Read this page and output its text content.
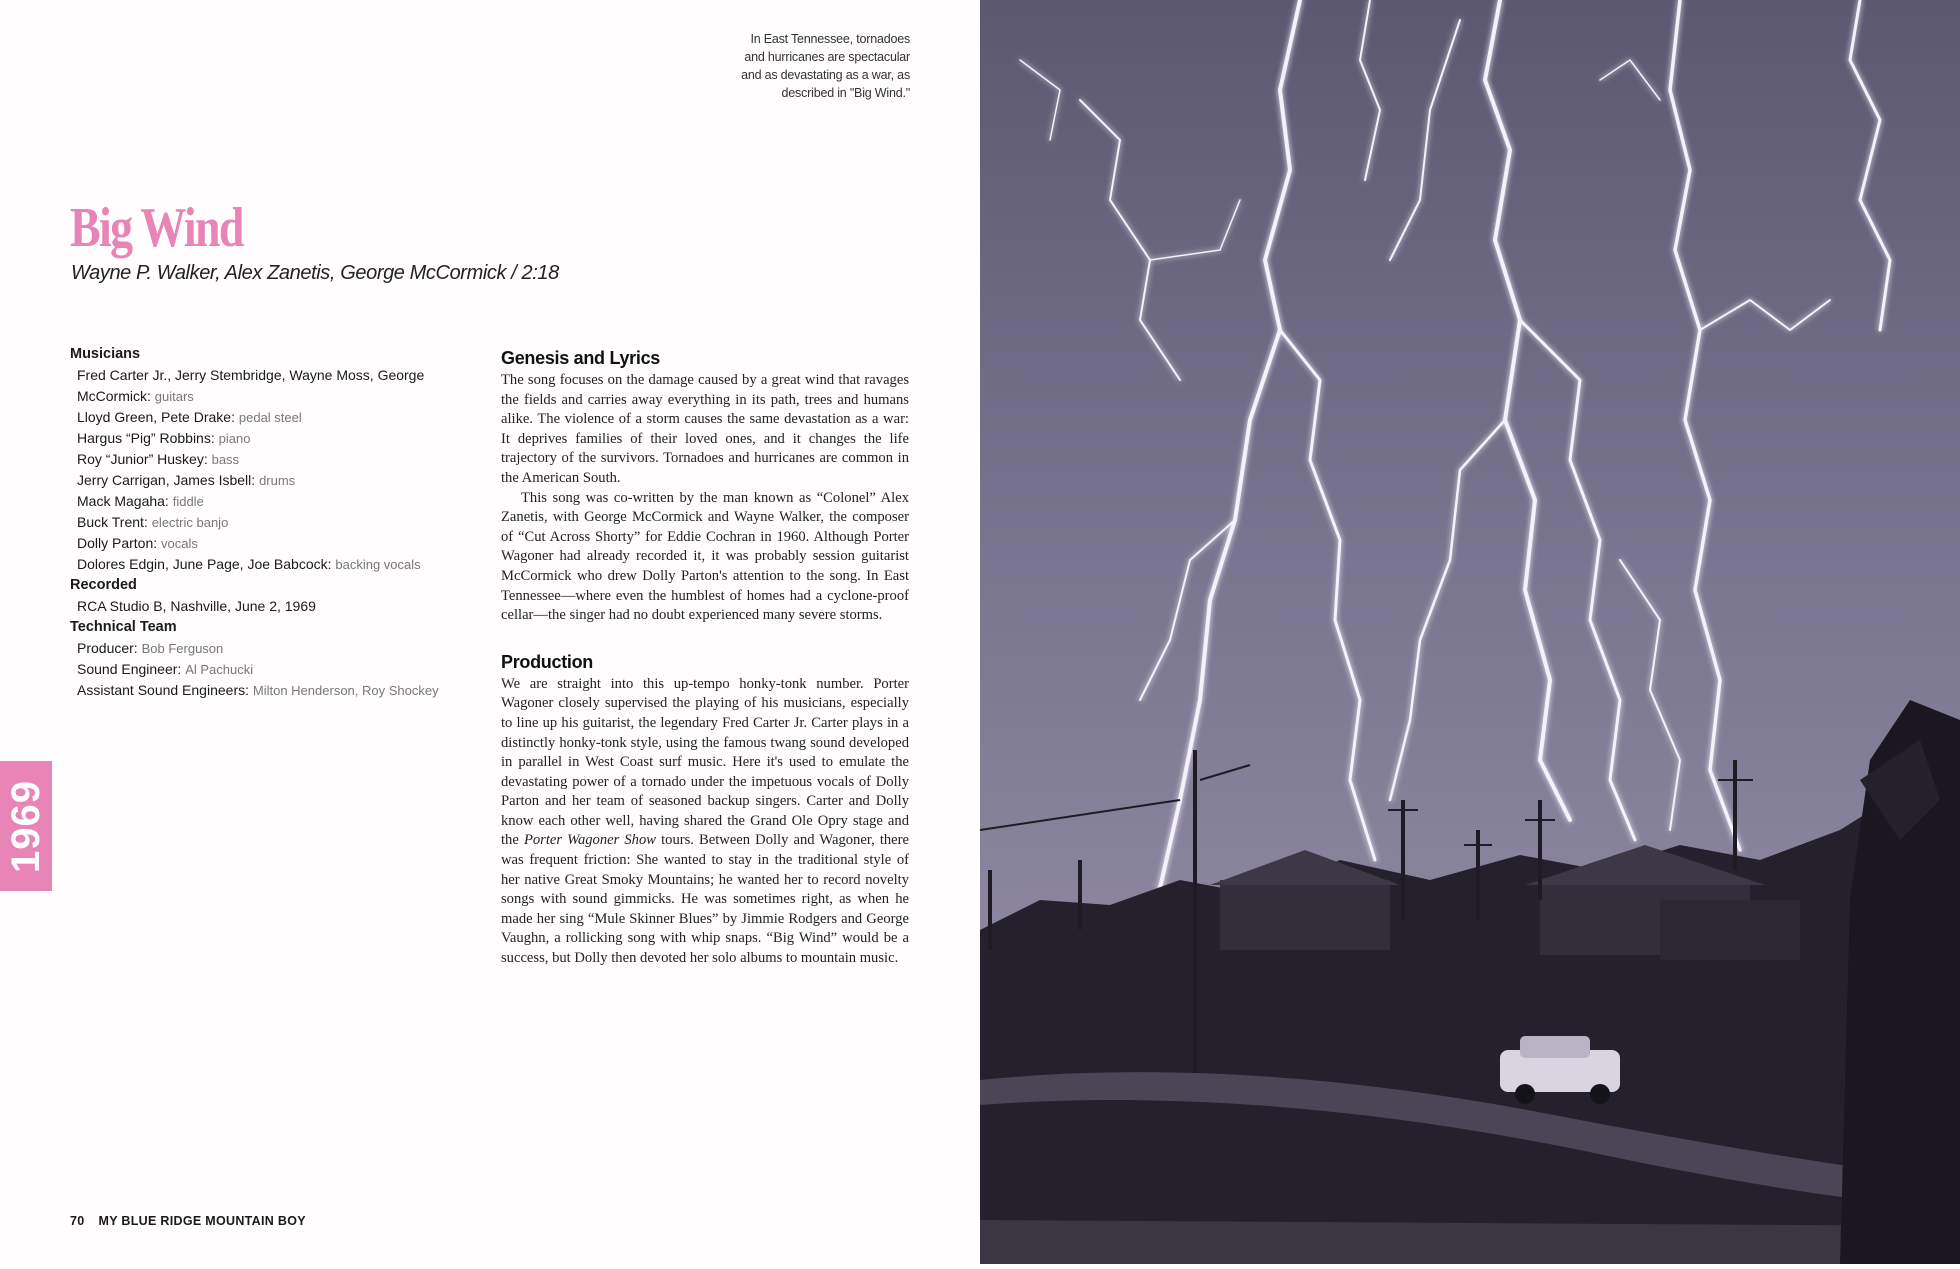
In East Tennessee, tornadoes
and hurricanes are spectacular
and as devastating as a war, as
described in "Big Wind."
Big Wind

Wayne P. Walker, Alex Zanetis, George McCormick / 2:18

Musicians

Fred Carter Jr., Jerry Stembridge, Wayne Moss, George

McCormick: guitars

Lloyd Green, Pete Drake: pedal steel

Hargus “Pig” Robbins: piano

Roy “Junior” Huskey: bass

Jerry Carrigan, James Isbell: drums

Mack Magaha: fiddle

Buck Trent: electric banjo

Dolly Parton: vocals

Dolores Edgin, June Page, Joe Babcock: backing vocals

Recorded

RCA Studio B, Nashville, June 2, 1969

Technical Team

Producer: Bob Ferguson

Sound Engineer: Al Pachucki

Assistant Sound Engineers: Milton Henderson, Roy Shockey

Genesis and Lyrics

The song focuses on the damage caused by a great wind that ravages the fields and carries away everything in its path, trees and humans alike. The violence of a storm causes the same devastation as a war: It deprives families of their loved ones, and it changes the life trajectory of the survivors. Tornadoes and hurricanes are common in the American South.

This song was co-written by the man known as “Colonel” Alex Zanetis, with George McCormick and Wayne Walker, the composer of “Cut Across Shorty” for Eddie Cochran in 1960. Although Porter Wagoner had already recorded it, it was probably session guitarist McCormick who drew Dolly Parton's attention to the song. In East Tennessee—where even the humblest of homes had a cyclone-proof cellar—the singer had no doubt experienced many severe storms.

Production

We are straight into this up-tempo honky-tonk number. Porter Wagoner closely supervised the playing of his musicians, especially to line up his guitarist, the legendary Fred Carter Jr. Carter plays in a distinctly honky-tonk style, using the famous twang sound developed in parallel in West Coast surf music. Here it's used to emulate the devastating power of a tornado under the impetuous vocals of Dolly Parton and her team of seasoned backup singers. Carter and Dolly know each other well, having shared the Grand Ole Opry stage and the Porter Wagoner Show tours. Between Dolly and Wagoner, there was frequent friction: She wanted to stay in the traditional style of her native Great Smoky Mountains; he wanted her to record novelty songs with sound gimmicks. He was sometimes right, as when he made her sing “Mule Skinner Blues” by Jimmie Rodgers and George Vaughn, a rollicking song with whip snaps. “Big Wind” would be a success, but Dolly then devoted her solo albums to mountain music.

1969
70 MY BLUE RIDGE MOUNTAIN BOY
